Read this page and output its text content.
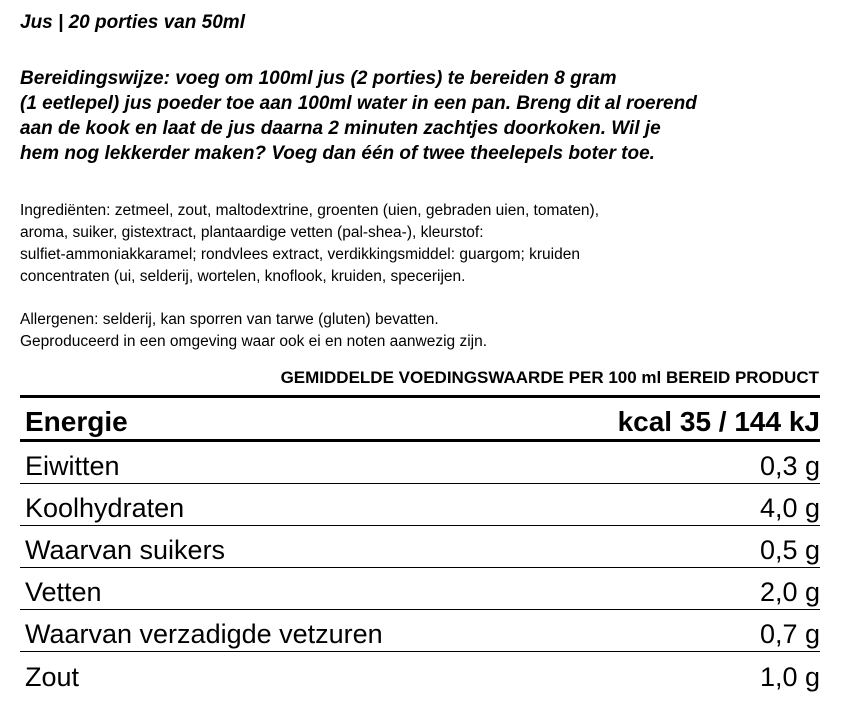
Jus | 20 porties van 50ml
Bereidingswijze: voeg om 100ml jus (2 porties) te bereiden 8 gram
(1 eetlepel) jus poeder toe aan 100ml water in een pan. Breng dit al roerend
aan de kook en laat de jus daarna 2 minuten zachtjes doorkoken. Wil je
hem nog lekkerder maken? Voeg dan één of twee theelepels boter toe.
Ingrediënten: zetmeel, zout, maltodextrine, groenten (uien, gebraden uien, tomaten),
aroma, suiker, gistextract, plantaardige vetten (pal-shea-), kleurstof:
sulfiet-ammoniakkaramel; rondvlees extract, verdikkingsmiddel: guargom; kruiden
concentraten (ui, selderij, wortelen, knoflook, kruiden, specerijen.
Allergenen: selderij, kan sporren van tarwe (gluten) bevatten.
Geproduceerd in een omgeving waar ook ei en noten aanwezig zijn.
GEMIDDELDE VOEDINGSWAARDE PER 100 ml BEREID PRODUCT
Energie	kcal 35 / 144 kJ
Eiwitten	0,3 g
Koolhydraten	4,0 g
Waarvan suikers	0,5 g
Vetten	2,0 g
Waarvan verzadigde vetzuren	0,7 g
Zout	1,0 g
